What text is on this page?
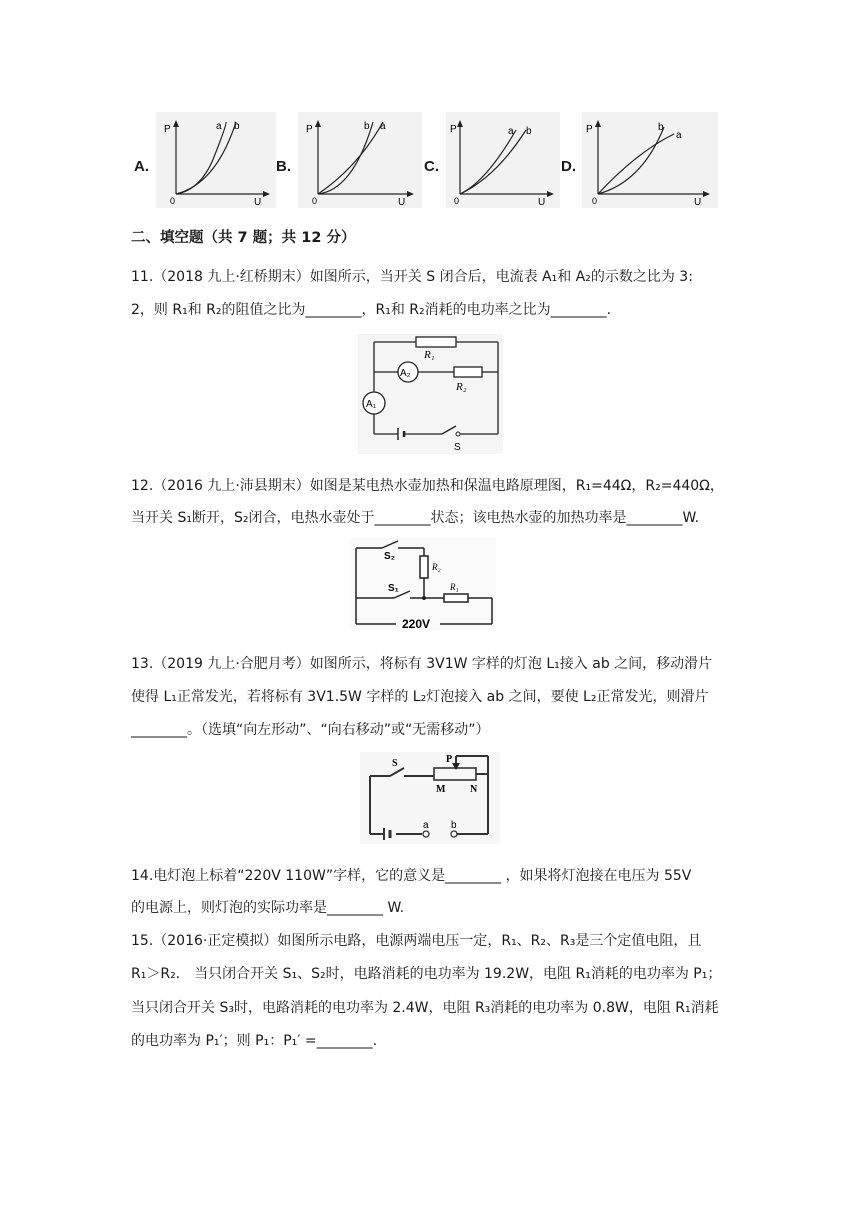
A.
P
U
0
a b
B.
P
U
0
b a
C.
P
U
0
a b
D.
P
U
0
b
a
二、填空题（共 7 题；共 12 分）
11.（2018 九上·红桥期末）如图所示，当开关 S 闭合后，电流表 A₁和 A₂的示数之比为 3:
2，则 R₁和 R₂的阻值之比为________，R₁和 R₂消耗的电功率之比为________.
R₁
R₂
A₂
A₁
S
12.（2016 九上·沛县期末）如图是某电热水壶加热和保温电路原理图，R₁=44Ω，R₂=440Ω，
当开关 S₁断开，S₂闭合，电热水壶处于________状态；该电热水壶的加热功率是________W.
S₂
S₁
R₂
R₁
220V
13.（2019 九上·合肥月考）如图所示，将标有 3V1W 字样的灯泡 L₁接入 ab 之间，移动滑片
使得 L₁正常发光，若将标有 3V1.5W 字样的 L₂灯泡接入 ab 之间，要使 L₂正常发光，则滑片
________。（选填“向左形动”、“向右移动”或“无需移动”）
S	P
M N
a b
14.电灯泡上标着“220V 110W”字样，它的意义是________ ，如果将灯泡接在电压为 55V
的电源上，则灯泡的实际功率是________ W.
15.（2016·正定模拟）如图所示电路，电源两端电压一定，R₁、R₂、R₃是三个定值电阻，且
R₁＞R₂． 当只闭合开关 S₁、S₂时，电路消耗的电功率为 19.2W，电阻 R₁消耗的电功率为 P₁；
当只闭合开关 S₃时，电路消耗的电功率为 2.4W，电阻 R₃消耗的电功率为 0.8W，电阻 R₁消耗
的电功率为 P₁′；则 P₁：P₁′ =________.
